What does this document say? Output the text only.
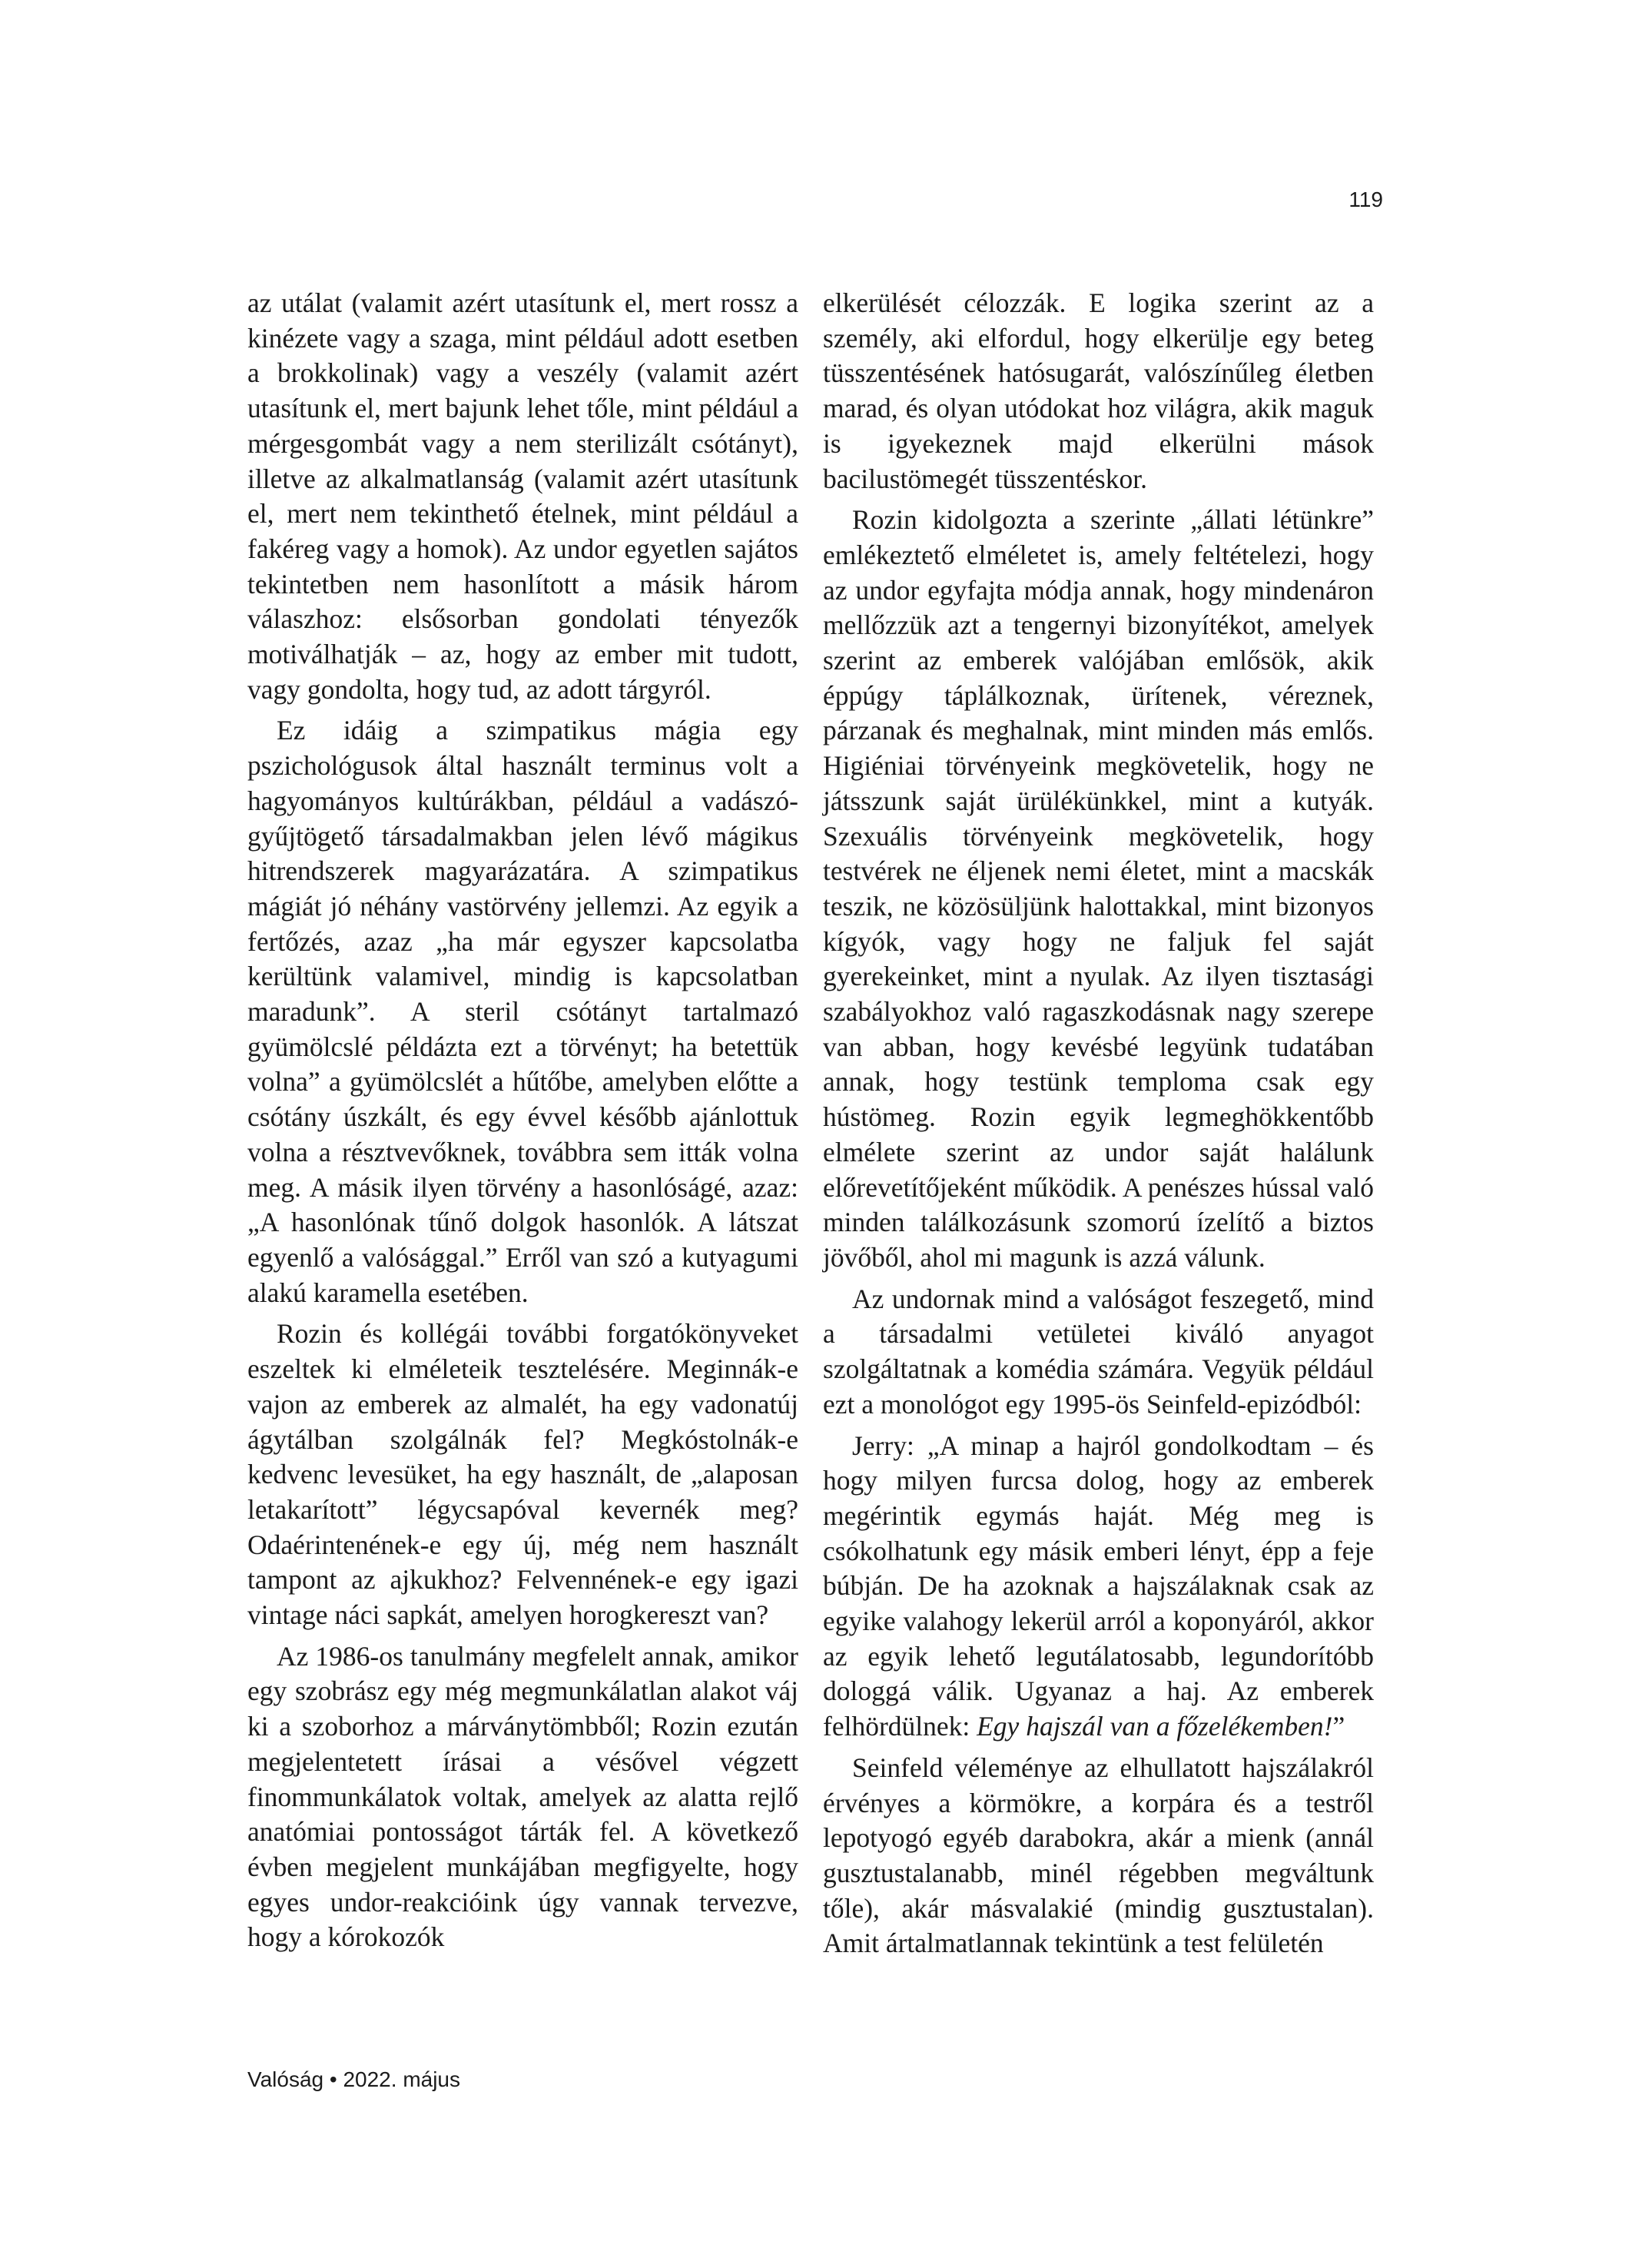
119

az utálat (valamit azért utasítunk el, mert rossz a kinézete vagy a szaga, mint például adott esetben a brokkolinak) vagy a veszély (valamit azért utasítunk el, mert bajunk lehet tőle, mint például a mérgesgombát vagy a nem sterilizált csótányt), illetve az alkalmatlanság (valamit azért utasítunk el, mert nem tekinthető ételnek, mint például a fakéreg vagy a homok). Az undor egyetlen sajátos tekintetben nem hasonlított a másik három válaszhoz: elsősorban gondolati tényezők motiválhatják – az, hogy az ember mit tudott, vagy gondolta, hogy tud, az adott tárgyról.

Ez idáig a szimpatikus mágia egy pszichológusok által használt terminus volt a hagyományos kultúrákban, például a vadászó-gyűjtögető társadalmakban jelen lévő mágikus hitrendszerek magyarázatára. A szimpatikus mágiát jó néhány vastörvény jellemzi. Az egyik a fertőzés, azaz „ha már egyszer kapcsolatba kerültünk valamivel, mindig is kapcsolatban maradunk”. A steril csótányt tartalmazó gyümölcslé példázta ezt a törvényt; ha betettük volna” a gyümölcslét a hűtőbe, amelyben előtte a csótány úszkált, és egy évvel később ajánlottuk volna a résztvevőknek, továbbra sem itták volna meg. A másik ilyen törvény a hasonlóságé, azaz: „A hasonlónak tűnő dolgok hasonlók. A látszat egyenlő a valósággal.” Erről van szó a kutyagumi alakú karamella esetében.

Rozin és kollégái további forgatókönyveket eszeltek ki elméleteik tesztelésére. Meginnák-e vajon az emberek az almalét, ha egy vadonatúj ágytálban szolgálnák fel? Megkóstolnák-e kedvenc levesüket, ha egy használt, de „alaposan letakarított” légycsapóval kevernék meg? Odaérintenének-e egy új, még nem használt tampont az ajkukhoz? Felvennének-e egy igazi vintage náci sapkát, amelyen horogkereszt van?

Az 1986-os tanulmány megfelelt annak, amikor egy szobrász egy még megmunkálatlan alakot váj ki a szoborhoz a márványtömbből; Rozin ezután megjelentetett írásai a vésővel végzett finommunkálatok voltak, amelyek az alatta rejlő anatómiai pontosságot tárták fel. A következő évben megjelent munkájában megfigyelte, hogy egyes undor-reakcióink úgy vannak tervezve, hogy a kórokozók

elkerülését célozzák. E logika szerint az a személy, aki elfordul, hogy elkerülje egy beteg tüsszentésének hatósugarát, valószínűleg életben marad, és olyan utódokat hoz világra, akik maguk is igyekeznek majd elkerülni mások bacilustömegét tüsszentéskor.

Rozin kidolgozta a szerinte „állati létünkre” emlékeztető elméletet is, amely feltételezi, hogy az undor egyfajta módja annak, hogy mindenáron mellőzzük azt a tengernyi bizonyítékot, amelyek szerint az emberek valójában emlősök, akik éppúgy táplálkoznak, ürítenek, véreznek, párzanak és meghalnak, mint minden más emlős. Higiéniai törvényeink megkövetelik, hogy ne játsszunk saját ürülékünkkel, mint a kutyák. Szexuális törvényeink megkövetelik, hogy testvérek ne éljenek nemi életet, mint a macskák teszik, ne közösüljünk halottakkal, mint bizonyos kígyók, vagy hogy ne faljuk fel saját gyerekeinket, mint a nyulak. Az ilyen tisztasági szabályokhoz való ragaszkodásnak nagy szerepe van abban, hogy kevésbé legyünk tudatában annak, hogy testünk temploma csak egy hústömeg. Rozin egyik legmeghökkentőbb elmélete szerint az undor saját halálunk előrevetítőjeként működik. A penészes hússal való minden találkozásunk szomorú ízelítő a biztos jövőből, ahol mi magunk is azzá válunk.

Az undornak mind a valóságot feszegető, mind a társadalmi vetületei kiváló anyagot szolgáltatnak a komédia számára. Vegyük például ezt a monológot egy 1995-ös Seinfeld-epizódból:

Jerry: „A minap a hajról gondolkodtam – és hogy milyen furcsa dolog, hogy az emberek megérintik egymás haját. Még meg is csókolhatunk egy másik emberi lényt, épp a feje búbján. De ha azoknak a hajszálaknak csak az egyike valahogy lekerül arról a koponyáról, akkor az egyik lehető legutálatosabb, legundorítóbb dologgá válik. Ugyanaz a haj. Az emberek felhördülnek: Egy hajszál van a főzelékemben!”

Seinfeld véleménye az elhullatott hajszálakról érvényes a körmökre, a korpára és a testről lepotyogó egyéb darabokra, akár a mienk (annál gusztustalanabb, minél régebben megváltunk tőle), akár másvalakié (mindig gusztustalan). Amit ártalmatlannak tekintünk a test felületén

Valóság • 2022. május
